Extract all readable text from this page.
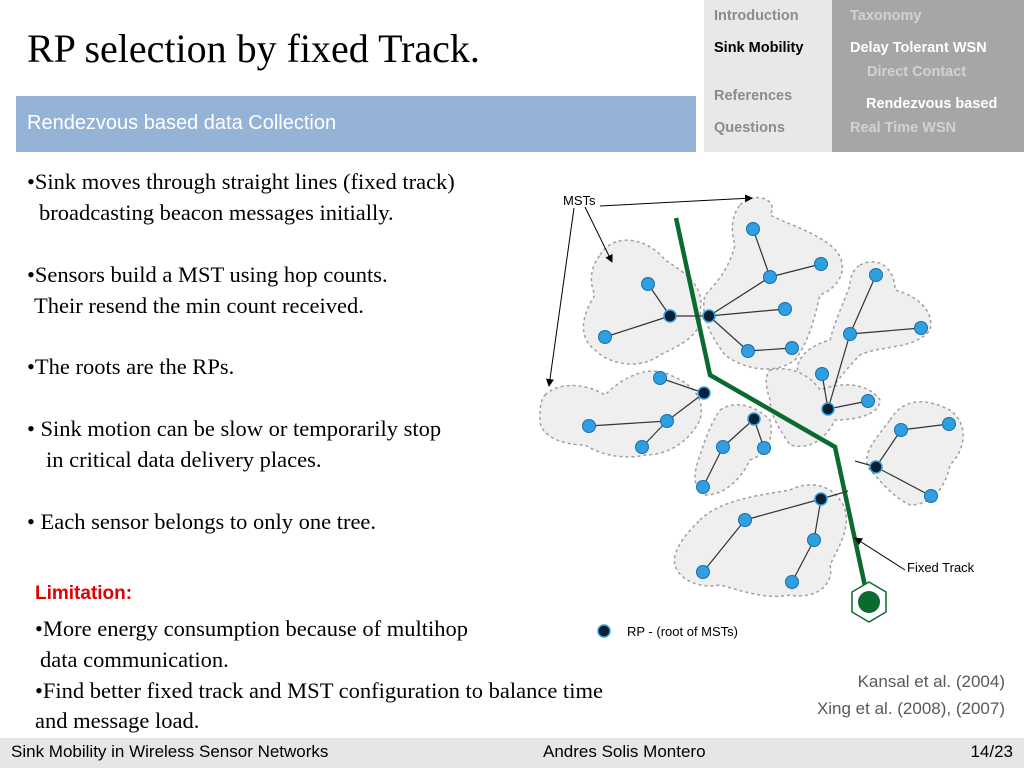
RP selection by fixed Track.
Rendezvous based data Collection
Introduction
Sink Mobility
References
Questions
Taxonomy
Delay Tolerant WSN
Direct Contact
Rendezvous based
Real Time WSN
•Sink moves through straight lines (fixed track)
broadcasting beacon messages initially.
•Sensors build a MST using hop counts.
Their resend the min count received.
•The roots are the RPs.
• Sink motion can be slow or temporarily stop
in critical data delivery places.
• Each sensor belongs to only one tree.
Limitation:
•More energy consumption because of multihop
data communication.
•Find better fixed track and MST configuration to balance time
and message load.
MSTs
Fixed Track
RP - (root of MSTs)
Kansal et al. (2004)
Xing et al. (2008), (2007)
Sink Mobility in Wireless Sensor Networks	Andres Solis Montero	14/23
